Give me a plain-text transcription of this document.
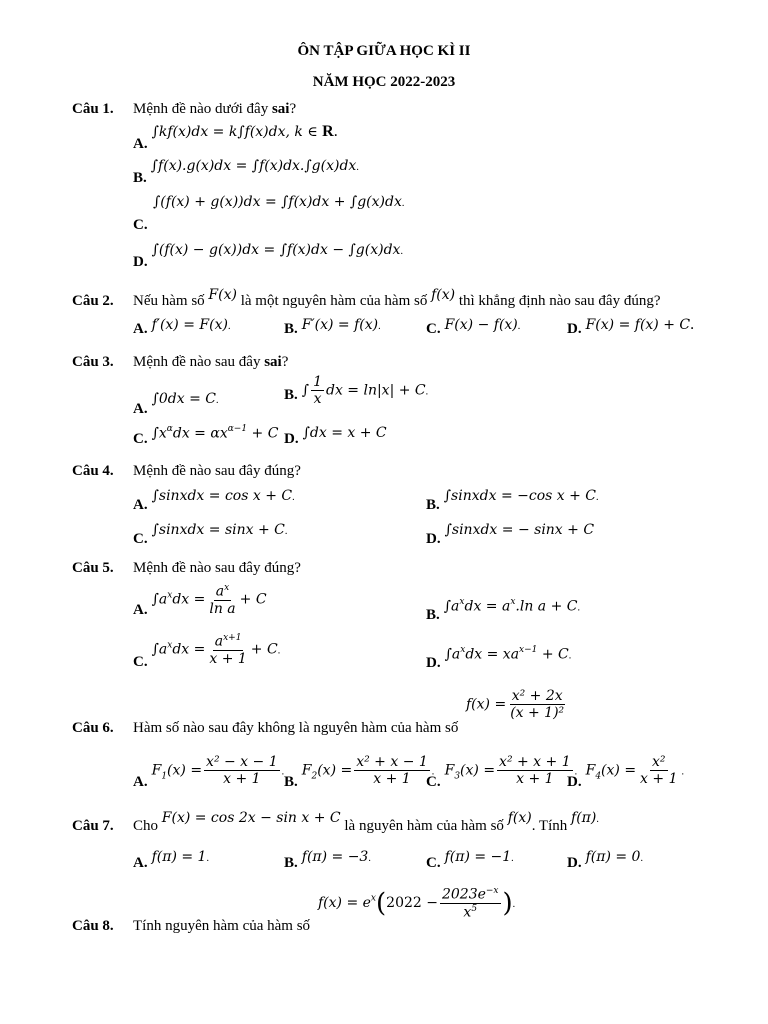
ÔN TẬP GIỮA HỌC KÌ II
NĂM HỌC 2022-2023
Câu 1. Mệnh đề nào dưới đây sai?
A. ∫kf(x)dx = k∫f(x)dx, k ∈ R.
B. ∫f(x).g(x)dx = ∫f(x)dx.∫g(x)dx.
∫(f(x) + g(x))dx = ∫f(x)dx + ∫g(x)dx.
C.
D. ∫(f(x) − g(x))dx = ∫f(x)dx − ∫g(x)dx.
Câu 2. Nếu hàm số F(x) là một nguyên hàm của hàm số f(x) thì khẳng định nào sau đây đúng?
A. f′(x) = F(x).	B. F′(x) = f(x).	C. F(x) − f(x).	D. F(x) = f(x) + C.
Câu 3. Mệnh đề nào sau đây sai?
A. ∫0dx = C.	B. ∫ $\frac{1}{x}$ dx = ln|x| + C.
C. $\int x^\alpha dx = \alpha x^{\alpha-1} + C$ D. ∫dx = x + C
Câu 4. Mệnh đề nào sau đây đúng?
A. ∫sinxdx = cos x + C.	B. ∫sinxdx = −cos x + C.
C. ∫sinxdx = sinx + C.	D. ∫sinxdx = − sinx + C
Câu 5. Mệnh đề nào sau đây đúng?
A. $\int a^xdx = \frac{a^x}{\text{ln a}} + C$
B. $\int a^xdx = a^x.\ln$ a + C.
C. $\int a^xdx = \frac{a^{x+1}}{x + 1} + C$.
D. $\int a^xdx = xa^{x-1} + C$.
$f(x) = \frac{\text{x² + 2x}}{\text{(x + 1)²}}$
Câu 6. Hàm số nào sau đây không là nguyên hàm của hàm số
A. $F_1(x) = \frac{\text{x² − x − 1}}{x + 1}$ .
B. $F_2(x) = \frac{\text{x² + x − 1}}{x + 1}$ .
C. $F_3(x) = \frac{\text{x² + x + 1}}{x + 1}$ .
D. $F_4(x) = \frac{\text{x²}}{x + 1}$ .
Câu 7. Cho F(x) = cos 2x − sin x + C là nguyên hàm của hàm số f(x). Tính f(π).
A. f(π) = 1.	B. f(π) = −3.	C. f(π) = −1.	D. f(π) = 0.
$f(x) = e^x(2022 - \frac{2023e^{-x}}{x^5}$ ).
Câu 8. Tính nguyên hàm của hàm số
